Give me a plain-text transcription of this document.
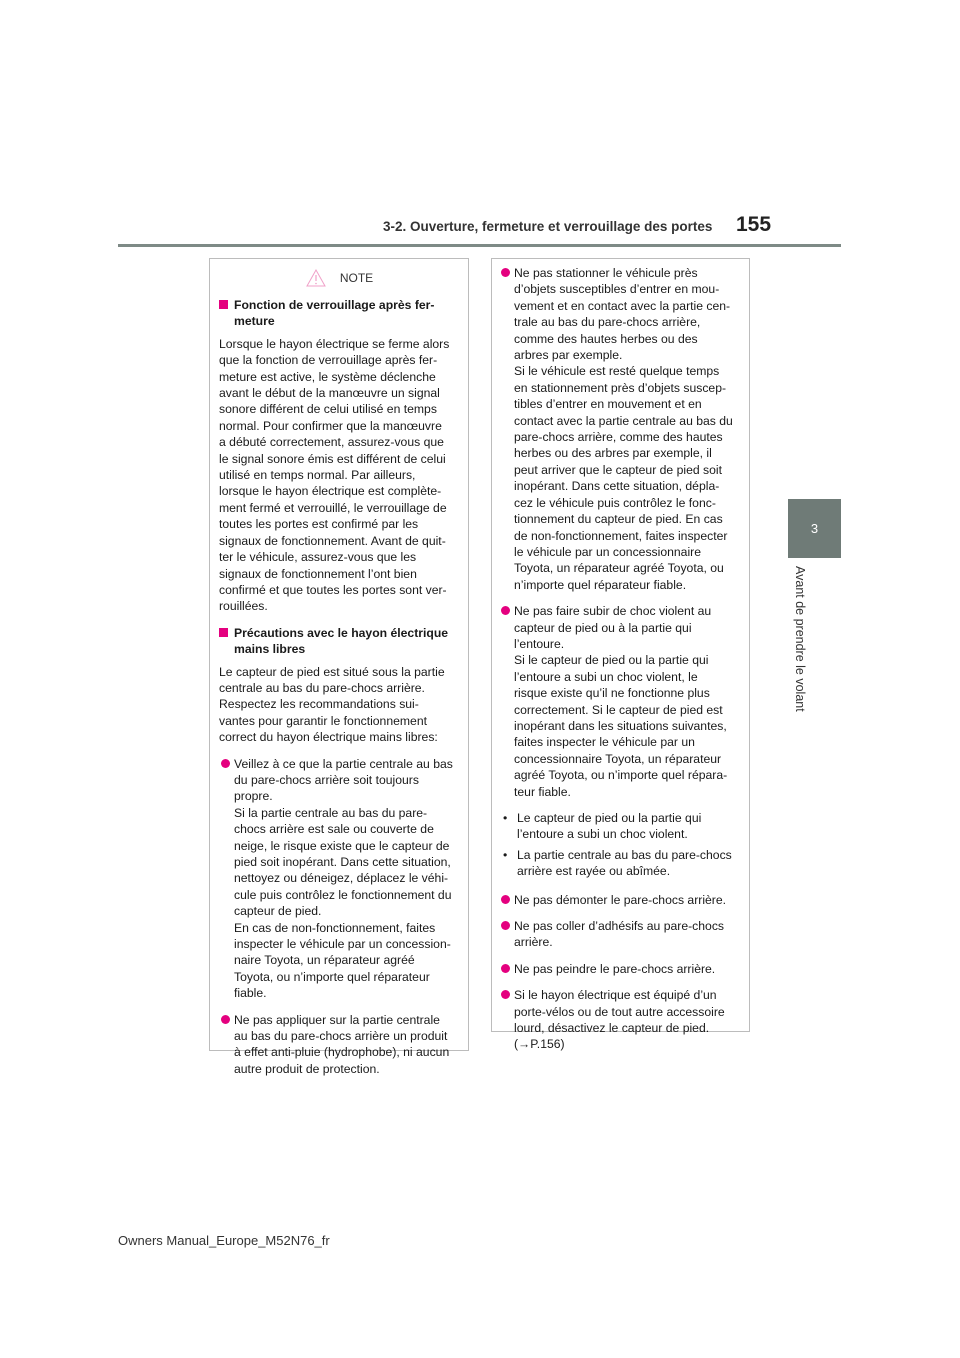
3-2. Ouverture, fermeture et verrouillage des portes 155
3
Avant de prendre le volant
NOTE
Fonction de verrouillage après fer-
meture
Lorsque le hayon électrique se ferme alors
que la fonction de verrouillage après fer-
meture est active, le système déclenche
avant le début de la manœuvre un signal
sonore différent de celui utilisé en temps
normal. Pour confirmer que la manœuvre
a débuté correctement, assurez-vous que
le signal sonore émis est différent de celui
utilisé en temps normal. Par ailleurs,
lorsque le hayon électrique est complète-
ment fermé et verrouillé, le verrouillage de
toutes les portes est confirmé par les
signaux de fonctionnement. Avant de quit-
ter le véhicule, assurez-vous que les
signaux de fonctionnement l’ont bien
confirmé et que toutes les portes sont ver-
rouillées.
Précautions avec le hayon électrique
mains libres
Le capteur de pied est situé sous la partie
centrale au bas du pare-chocs arrière.
Respectez les recommandations sui-
vantes pour garantir le fonctionnement
correct du hayon électrique mains libres:
Veillez à ce que la partie centrale au bas
du pare-chocs arrière soit toujours
propre.
Si la partie centrale au bas du pare-
chocs arrière est sale ou couverte de
neige, le risque existe que le capteur de
pied soit inopérant. Dans cette situation,
nettoyez ou déneigez, déplacez le véhi-
cule puis contrôlez le fonctionnement du
capteur de pied.
En cas de non-fonctionnement, faites
inspecter le véhicule par un concession-
naire Toyota, un réparateur agréé
Toyota, ou n’importe quel réparateur
fiable.
Ne pas appliquer sur la partie centrale
au bas du pare-chocs arrière un produit
à effet anti-pluie (hydrophobe), ni aucun
autre produit de protection.
Ne pas stationner le véhicule près
d’objets susceptibles d’entrer en mou-
vement et en contact avec la partie cen-
trale au bas du pare-chocs arrière,
comme des hautes herbes ou des
arbres par exemple.
Si le véhicule est resté quelque temps
en stationnement près d’objets suscep-
tibles d’entrer en mouvement et en
contact avec la partie centrale au bas du
pare-chocs arrière, comme des hautes
herbes ou des arbres par exemple, il
peut arriver que le capteur de pied soit
inopérant. Dans cette situation, dépla-
cez le véhicule puis contrôlez le fonc-
tionnement du capteur de pied. En cas
de non-fonctionnement, faites inspecter
le véhicule par un concessionnaire
Toyota, un réparateur agréé Toyota, ou
n’importe quel réparateur fiable.
Ne pas faire subir de choc violent au
capteur de pied ou à la partie qui
l’entoure.
Si le capteur de pied ou la partie qui
l’entoure a subi un choc violent, le
risque existe qu’il ne fonctionne plus
correctement. Si le capteur de pied est
inopérant dans les situations suivantes,
faites inspecter le véhicule par un
concessionnaire Toyota, un réparateur
agréé Toyota, ou n’importe quel répara-
teur fiable.
• Le capteur de pied ou la partie qui
l’entoure a subi un choc violent.
• La partie centrale au bas du pare-chocs
arrière est rayée ou abîmée.
Ne pas démonter le pare-chocs arrière.
Ne pas coller d’adhésifs au pare-chocs
arrière.
Ne pas peindre le pare-chocs arrière.
Si le hayon électrique est équipé d’un
porte-vélos ou de tout autre accessoire
lourd, désactivez le capteur de pied.
(→P.156)
Owners Manual_Europe_M52N76_fr
